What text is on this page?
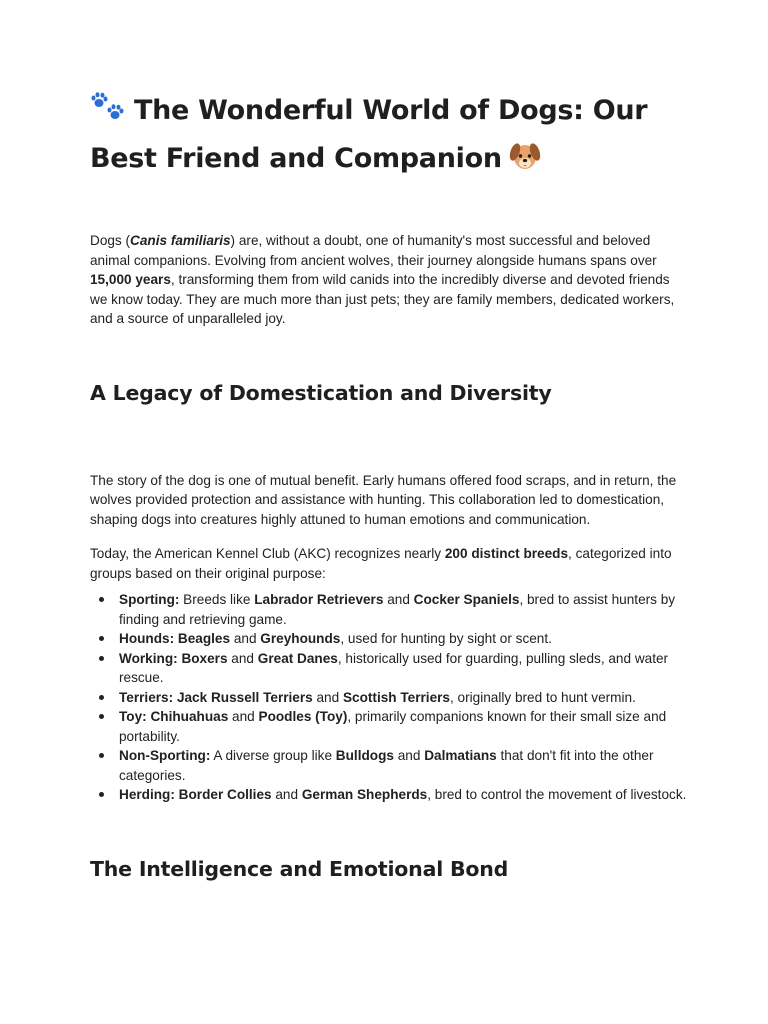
The Wonderful World of Dogs: Our Best Friend and Companion

Dogs (Canis familiaris) are, without a doubt, one of humanity's most successful and beloved animal companions. Evolving from ancient wolves, their journey alongside humans spans over 15,000 years, transforming them from wild canids into the incredibly diverse and devoted friends we know today. They are much more than just pets; they are family members, dedicated workers, and a source of unparalleled joy.

A Legacy of Domestication and Diversity

The story of the dog is one of mutual benefit. Early humans offered food scraps, and in return, the wolves provided protection and assistance with hunting. This collaboration led to domestication, shaping dogs into creatures highly attuned to human emotions and communication.

Today, the American Kennel Club (AKC) recognizes nearly 200 distinct breeds, categorized into groups based on their original purpose:

Sporting: Breeds like Labrador Retrievers and Cocker Spaniels, bred to assist hunters by finding and retrieving game.
Hounds: Beagles and Greyhounds, used for hunting by sight or scent.
Working: Boxers and Great Danes, historically used for guarding, pulling sleds, and water rescue.
Terriers: Jack Russell Terriers and Scottish Terriers, originally bred to hunt vermin.
Toy: Chihuahuas and Poodles (Toy), primarily companions known for their small size and portability.
Non-Sporting: A diverse group like Bulldogs and Dalmatians that don't fit into the other categories.
Herding: Border Collies and German Shepherds, bred to control the movement of livestock.
The Intelligence and Emotional Bond
